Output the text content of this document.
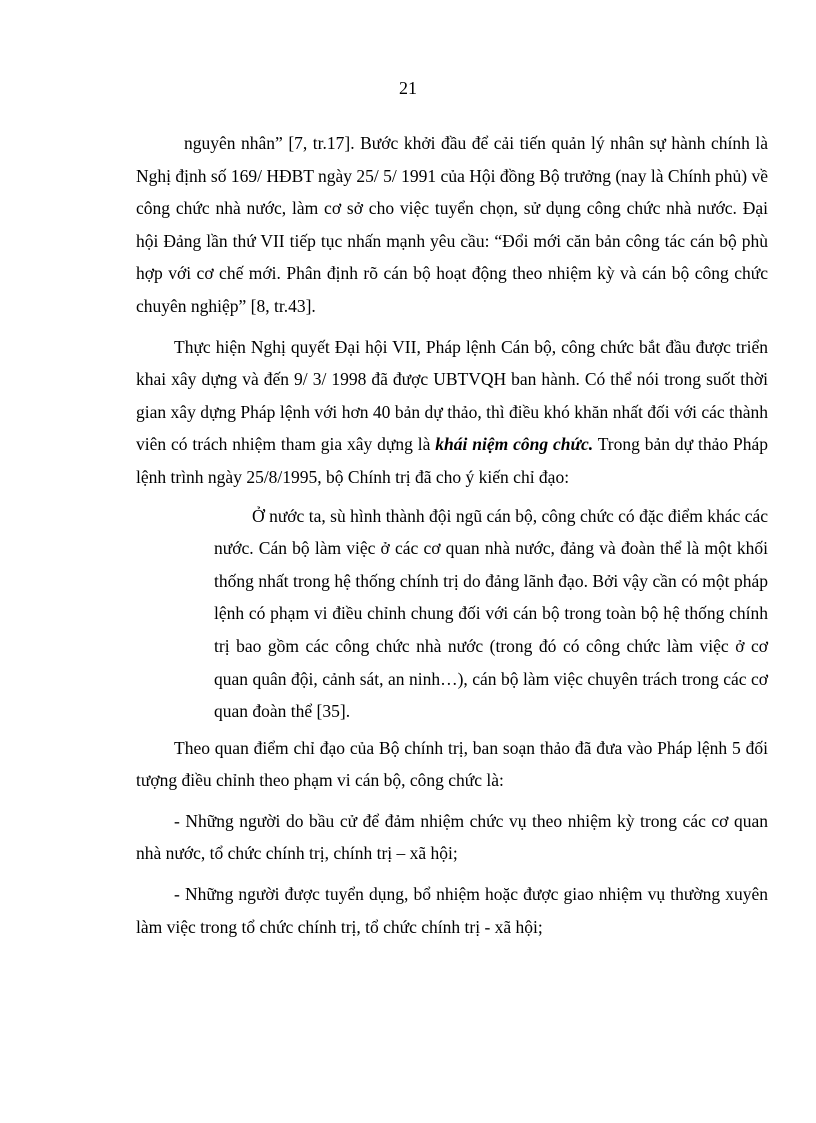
21

nguyên nhân” [7, tr.17]. Bước khởi đầu để cải tiến quản lý nhân sự hành chính là Nghị định số 169/ HĐBT ngày 25/ 5/ 1991 của Hội đồng Bộ trưởng (nay là Chính phủ) về công chức nhà nước, làm cơ sở cho việc tuyển chọn, sử dụng công chức nhà nước. Đại hội Đảng lần thứ VII tiếp tục nhấn mạnh yêu cầu: “Đổi mới căn bản công tác cán bộ phù hợp với cơ chế mới. Phân định rõ cán bộ hoạt động theo nhiệm kỳ và cán bộ công chức chuyên nghiệp” [8, tr.43].

Thực hiện Nghị quyết Đại hội VII, Pháp lệnh Cán bộ, công chức bắt đầu được triển khai xây dựng và đến 9/ 3/ 1998 đã được UBTVQH ban hành. Có thể nói trong suốt thời gian xây dựng Pháp lệnh với hơn 40 bản dự thảo, thì điều khó khăn nhất đối với các thành viên có trách nhiệm tham gia xây dựng là khái niệm công chức. Trong bản dự thảo Pháp lệnh trình ngày 25/8/1995, bộ Chính trị đã cho ý kiến chỉ đạo:

Ở nước ta, sù hình thành đội ngũ cán bộ, công chức có đặc điểm khác các nước. Cán bộ làm việc ở các cơ quan nhà nước, đảng và đoàn thể là một khối thống nhất trong hệ thống chính trị do đảng lãnh đạo. Bởi vậy cần có một pháp lệnh có phạm vi điều chỉnh chung đối với cán bộ trong toàn bộ hệ thống chính trị bao gồm các công chức nhà nước (trong đó có công chức làm việc ở cơ quan quân đội, cảnh sát, an ninh…), cán bộ làm việc chuyên trách trong các cơ quan đoàn thể [35].

Theo quan điểm chỉ đạo của Bộ chính trị, ban soạn thảo đã đưa vào Pháp lệnh 5 đối tượng điều chỉnh theo phạm vi cán bộ, công chức là:

- Những người do bầu cử để đảm nhiệm chức vụ theo nhiệm kỳ trong các cơ quan nhà nước, tổ chức chính trị, chính trị – xã hội;

- Những người được tuyển dụng, bổ nhiệm hoặc được giao nhiệm vụ thường xuyên làm việc trong tổ chức chính trị, tổ chức chính trị - xã hội;
